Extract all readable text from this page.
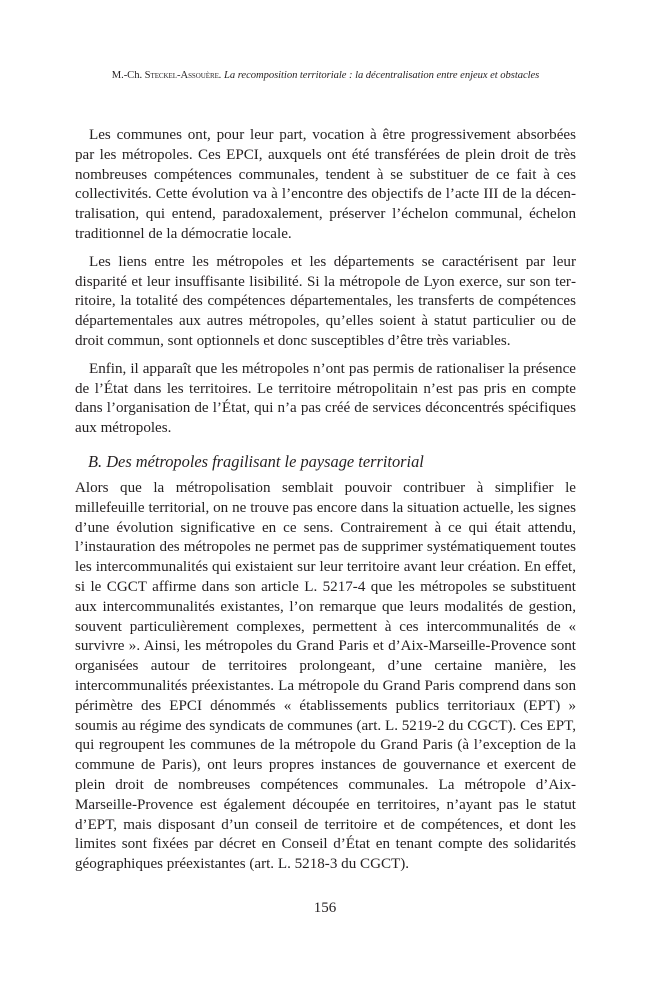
M.-Ch. Steckel-Assouère. La recomposition territoriale : la décentralisation entre enjeux et obstacles

Les communes ont, pour leur part, vocation à être progressivement absorbées par les métropoles. Ces EPCI, auxquels ont été transférées de plein droit de très nombreuses compétences communales, tendent à se substituer de ce fait à ces collectivités. Cette évolution va à l’encontre des objectifs de l’acte III de la décentralisation, qui entend, paradoxalement, préserver l’échelon communal, échelon traditionnel de la démocratie locale.

Les liens entre les métropoles et les départements se caractérisent par leur disparité et leur insuffisante lisibilité. Si la métropole de Lyon exerce, sur son territoire, la totalité des compétences départementales, les transferts de compétences départementales aux autres métropoles, qu’elles soient à statut particulier ou de droit commun, sont optionnels et donc susceptibles d’être très variables.

Enfin, il apparaît que les métropoles n’ont pas permis de rationaliser la présence de l’État dans les territoires. Le territoire métropolitain n’est pas pris en compte dans l’organisation de l’État, qui n’a pas créé de services déconcentrés spécifiques aux métropoles.

B. Des métropoles fragilisant le paysage territorial

Alors que la métropolisation semblait pouvoir contribuer à simplifier le millefeuille territorial, on ne trouve pas encore dans la situation actuelle, les signes d’une évolution significative en ce sens. Contrairement à ce qui était attendu, l’instauration des métropoles ne permet pas de supprimer systématiquement toutes les intercommunalités qui existaient sur leur territoire avant leur création. En effet, si le CGCT affirme dans son article L. 5217-4 que les métropoles se substituent aux intercommunalités existantes, l’on remarque que leurs modalités de gestion, souvent particulièrement complexes, permettent à ces intercommunalités de « survivre ». Ainsi, les métropoles du Grand Paris et d’Aix-Marseille-Provence sont organisées autour de territoires prolongeant, d’une certaine manière, les intercommunalités préexistantes. La métropole du Grand Paris comprend dans son périmètre des EPCI dénommés « établissements publics territoriaux (EPT) » soumis au régime des syndicats de communes (art. L. 5219-2 du CGCT). Ces EPT, qui regroupent les communes de la métropole du Grand Paris (à l’exception de la commune de Paris), ont leurs propres instances de gouvernance et exercent de plein droit de nombreuses compétences communales. La métropole d’Aix-Marseille-Provence est également découpée en territoires, n’ayant pas le statut d’EPT, mais disposant d’un conseil de territoire et de compétences, et dont les limites sont fixées par décret en Conseil d’État en tenant compte des solidarités géographiques préexistantes (art. L. 5218-3 du CGCT).

156
